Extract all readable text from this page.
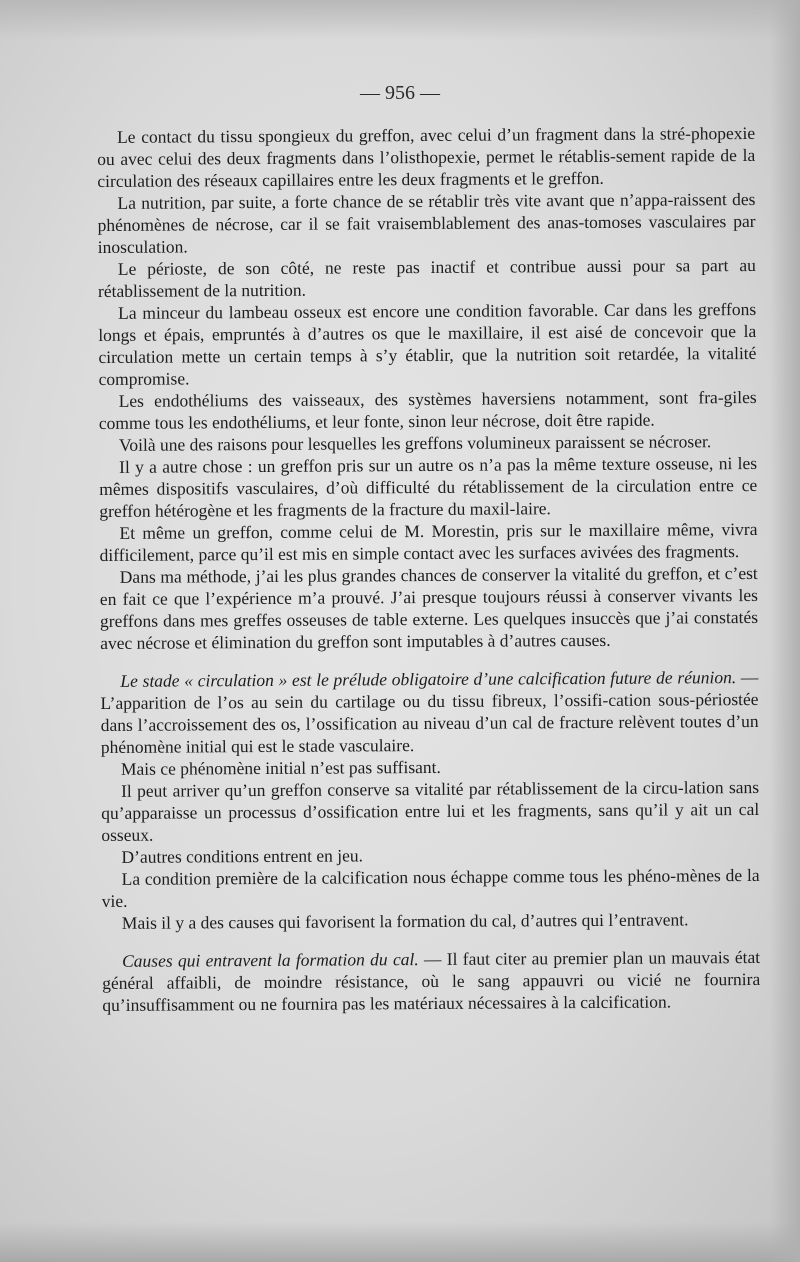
— 956 —

Le contact du tissu spongieux du greffon, avec celui d’un fragment dans la stré-phopexie ou avec celui des deux fragments dans l’olisthopexie, permet le rétablis-sement rapide de la circulation des réseaux capillaires entre les deux fragments et le greffon.

La nutrition, par suite, a forte chance de se rétablir très vite avant que n’appa-raissent des phénomènes de nécrose, car il se fait vraisemblablement des anas-tomoses vasculaires par inosculation.

Le périoste, de son côté, ne reste pas inactif et contribue aussi pour sa part au rétablissement de la nutrition.

La minceur du lambeau osseux est encore une condition favorable. Car dans les greffons longs et épais, empruntés à d’autres os que le maxillaire, il est aisé de concevoir que la circulation mette un certain temps à s’y établir, que la nutrition soit retardée, la vitalité compromise.

Les endothéliums des vaisseaux, des systèmes haversiens notamment, sont fra-giles comme tous les endothéliums, et leur fonte, sinon leur nécrose, doit être rapide.

Voilà une des raisons pour lesquelles les greffons volumineux paraissent se nécroser.

Il y a autre chose : un greffon pris sur un autre os n’a pas la même texture osseuse, ni les mêmes dispositifs vasculaires, d’où difficulté du rétablissement de la circulation entre ce greffon hétérogène et les fragments de la fracture du maxil-laire.

Et même un greffon, comme celui de M. Morestin, pris sur le maxillaire même, vivra difficilement, parce qu’il est mis en simple contact avec les surfaces avivées des fragments.

Dans ma méthode, j’ai les plus grandes chances de conserver la vitalité du greffon, et c’est en fait ce que l’expérience m’a prouvé. J’ai presque toujours réussi à conserver vivants les greffons dans mes greffes osseuses de table externe. Les quelques insuccès que j’ai constatés avec nécrose et élimination du greffon sont imputables à d’autres causes.

Le stade « circulation » est le prélude obligatoire d’une calcification future de réunion. — L’apparition de l’os au sein du cartilage ou du tissu fibreux, l’ossifi-cation sous-périostée dans l’accroissement des os, l’ossification au niveau d’un cal de fracture relèvent toutes d’un phénomène initial qui est le stade vasculaire.

Mais ce phénomène initial n’est pas suffisant.

Il peut arriver qu’un greffon conserve sa vitalité par rétablissement de la circu-lation sans qu’apparaisse un processus d’ossification entre lui et les fragments, sans qu’il y ait un cal osseux.

D’autres conditions entrent en jeu.

La condition première de la calcification nous échappe comme tous les phéno-mènes de la vie.

Mais il y a des causes qui favorisent la formation du cal, d’autres qui l’entravent.

Causes qui entravent la formation du cal. — Il faut citer au premier plan un mauvais état général affaibli, de moindre résistance, où le sang appauvri ou vicié ne fournira qu’insuffisamment ou ne fournira pas les matériaux nécessaires à la calcification.
